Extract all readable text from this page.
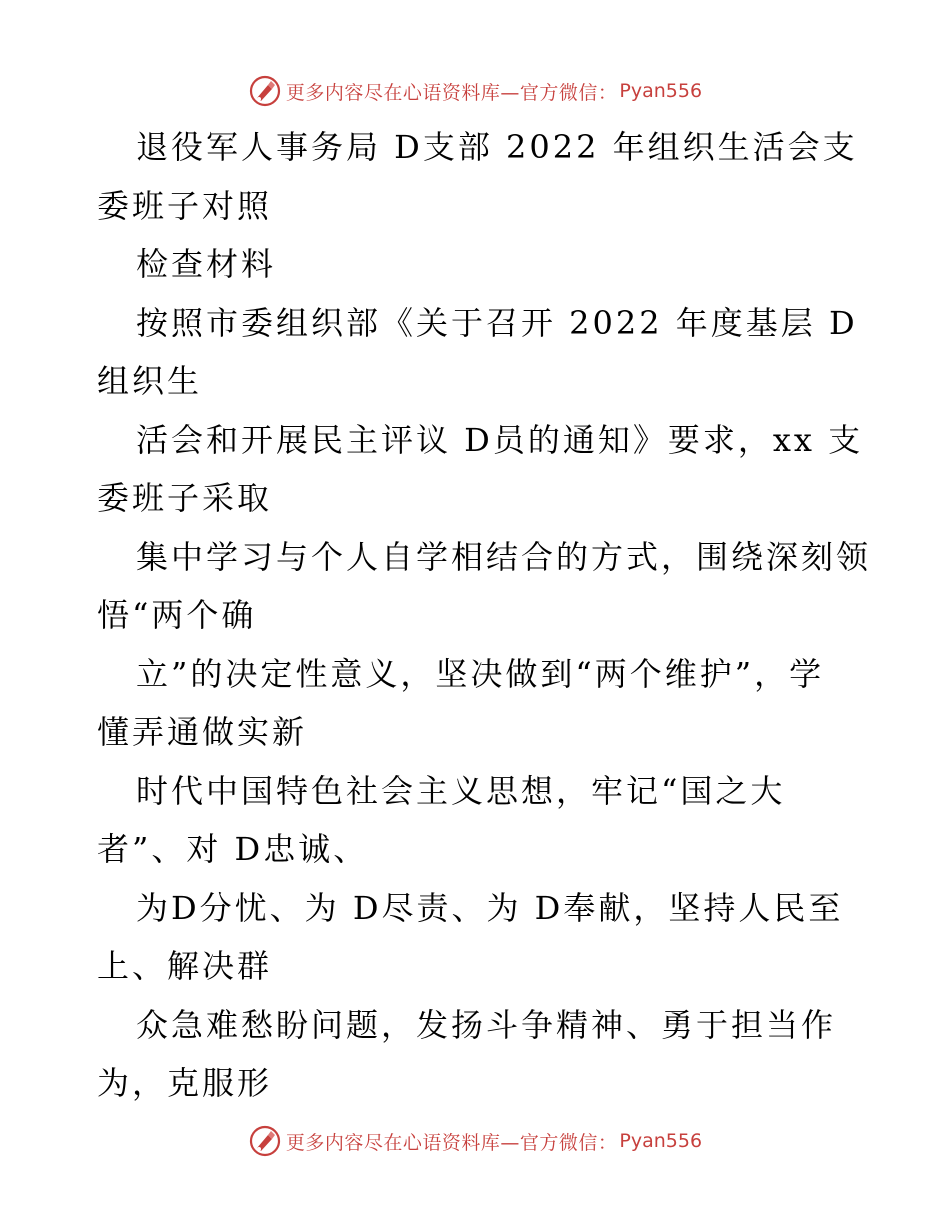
更多内容尽在心语资料库—官方微信： Pyan556
退役军人事务局 D支部 2022 年组织生活会支
委班子对照
检查材料
按照市委组织部《关于召开 2022 年度基层 D
组织生
活会和开展民主评议 D员的通知》要求，xx 支
委班子采取
集中学习与个人自学相结合的方式，围绕深刻领
悟“两个确
立”的决定性意义，坚决做到“两个维护”，学
懂弄通做实新
时代中国特色社会主义思想，牢记“国之大
者”、对 D忠诚、
为D分忧、为 D尽责、为 D奉献，坚持人民至
上、解决群
众急难愁盼问题，发扬斗争精神、勇于担当作
为，克服形
更多内容尽在心语资料库—官方微信： Pyan556
